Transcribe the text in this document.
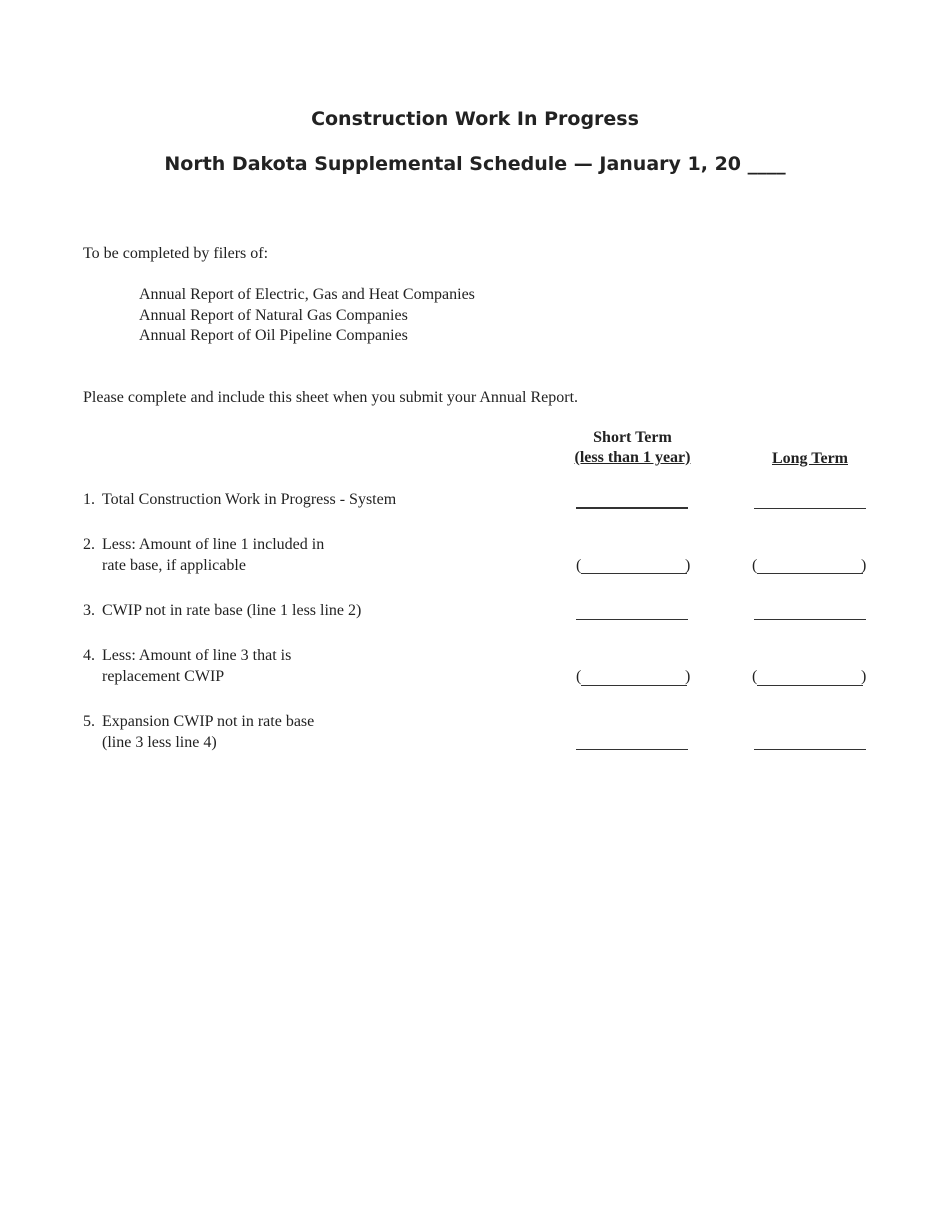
Construction Work In Progress
North Dakota Supplemental Schedule — January 1, 20 ____
To be completed by filers of:
Annual Report of Electric, Gas and Heat Companies
Annual Report of Natural Gas Companies
Annual Report of Oil Pipeline Companies
Please complete and include this sheet when you submit your Annual Report.
Short Term
(less than 1 year)	Long Term
1. Total Construction Work in Progress - System
2. Less: Amount of line 1 included in
rate base, if applicable	(	)	(	)
3. CWIP not in rate base (line 1 less line 2)
4. Less: Amount of line 3 that is
replacement CWIP	(	)	(	)
5. Expansion CWIP not in rate base
(line 3 less line 4)
